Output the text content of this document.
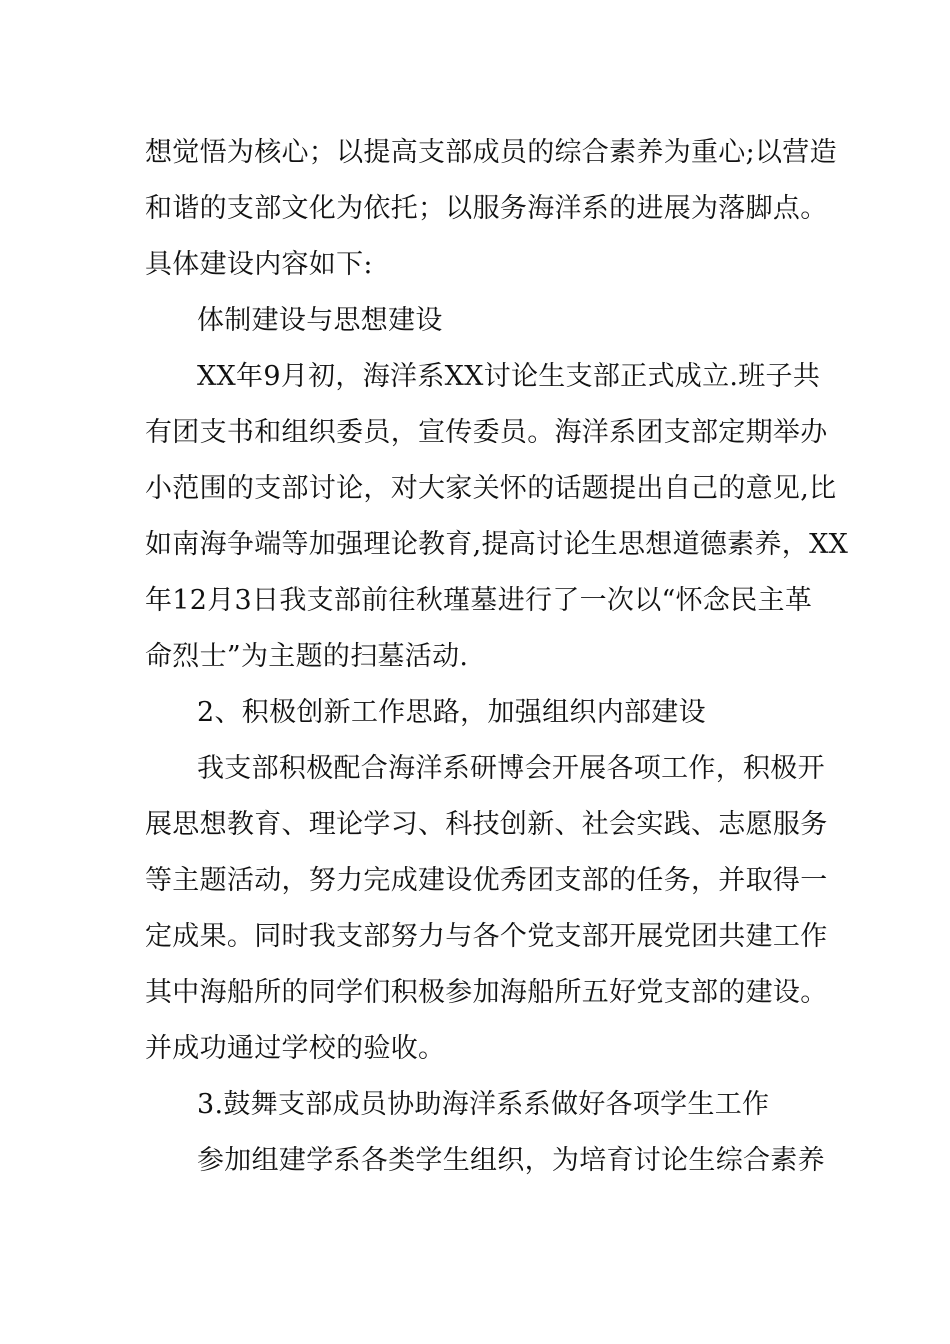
想觉悟为核心；以提高支部成员的综合素养为重心;以营造
和谐的支部文化为依托；以服务海洋系的进展为落脚点。
具体建设内容如下:
体制建设与思想建设
XX年9月初，海洋系XX讨论生支部正式成立.班子共
有团支书和组织委员，宣传委员。海洋系团支部定期举办
小范围的支部讨论，对大家关怀的话题提出自己的意见,比
如南海争端等加强理论教育,提高讨论生思想道德素养，XX
年12月3日我支部前往秋瑾墓进行了一次以“怀念民主革
命烈士”为主题的扫墓活动.
2、积极创新工作思路，加强组织内部建设
我支部积极配合海洋系研博会开展各项工作，积极开
展思想教育、理论学习、科技创新、社会实践、志愿服务
等主题活动，努力完成建设优秀团支部的任务，并取得一
定成果。同时我支部努力与各个党支部开展党团共建工作
其中海船所的同学们积极参加海船所五好党支部的建设。
并成功通过学校的验收。
3.鼓舞支部成员协助海洋系系做好各项学生工作
参加组建学系各类学生组织，为培育讨论生综合素养
